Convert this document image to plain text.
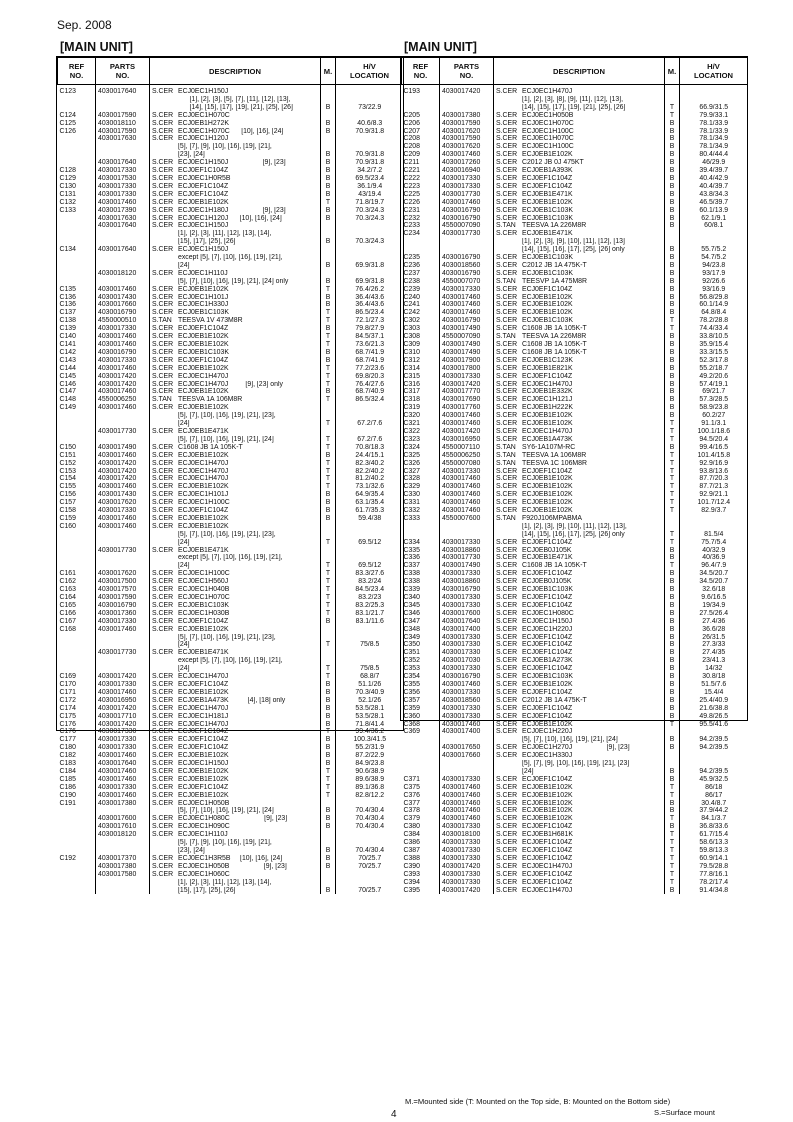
Sep. 2008
[MAIN UNIT]	[MAIN UNIT]
REF
NO.	PARTS
NO.	DESCRIPTION	M.	H/V
LOCATION
C123	4030017640	S.CER ECJ0EC1H150J		
		[1], [2], [3], [5], [7], [11], [12], [13],		
		[14], [15], [17], [19], [21], [25], [26]	B	73/22.9
C124	4030017590	S.CER ECJ0EC1H070C		
C125	4030018110	S.CER ECJ0EB1H272K	B	40.6/8.3
C126	4030017590	S.CER ECJ0EC1H070C      [10], [16], [24]	B	70.9/31.8
	4030017630	S.CER ECJ0EC1H120J		
		[5], [7], [9], [10], [16], [19], [21],		
		[23], [24]	B	70.9/31.8
	4030017640	S.CER ECJ0EC1H150J                  [9], [23]	B	70.9/31.8
C128	4030017330	S.CER ECJ0EF1C104Z	B	34.2/7.2
C129	4030017530	S.CER ECJ0EC1H0R5B	B	69.5/23.4
C130	4030017330	S.CER ECJ0EF1C104Z	B	36.1/9.4
C131	4030017330	S.CER ECJ0EF1C104Z	B	43/19.4
C132	4030017460	S.CER ECJ0EB1E102K	T	71.8/19.7
C133	4030017390	S.CER ECJ0EC1H180J                  [9], [23]	B	70.3/24.3
	4030017630	S.CER ECJ0EC1H120J      [10], [16], [24]	B	70.3/24.3
	4030017640	S.CER ECJ0EC1H150J		
		[1], [2], [3], [11], [12], [13], [14],		
		[15], [17], [25], [26]	B	70.3/24.3
C134	4030017640	S.CER ECJ0EC1H150J		
		except [5], [7], [10], [16], [19], [21],		
		[24]	B	69.9/31.8
	4030018120	S.CER ECJ0EC1H110J		
		[5], [7], [10], [16], [19], [21], [24] only	B	69.9/31.8
C135	4030017460	S.CER ECJ0EB1E102K	T	76.4/26.2
C136	4030017430	S.CER ECJ0EC1H101J	B	36.4/43.6
C136	4030017660	S.CER ECJ0EC1H330J	B	36.4/43.6
C137	4030016790	S.CER ECJ0EB1C103K	T	86.5/23.4
C138	4550000510	S.TAN TEESVA 1V 473M8R	T	72.1/27.3
C139	4030017330	S.CER ECJ0EF1C104Z	B	79.8/27.9
C140	4030017460	S.CER ECJ0EB1E102K	T	84.5/37.1
C141	4030017460	S.CER ECJ0EB1E102K	T	73.6/21.3
C142	4030016790	S.CER ECJ0EB1C103K	B	68.7/41.9
C143	4030017330	S.CER ECJ0EF1C104Z	B	68.7/41.9
C144	4030017460	S.CER ECJ0EB1E102K	T	77.2/23.6
C145	4030017420	S.CER ECJ0EC1H470J	T	69.8/20.3
C146	4030017420	S.CER ECJ0EC1H470J         [9], [23] only	T	76.4/27.6
C147	4030017460	S.CER ECJ0EB1E102K	B	68.7/40.9
C148	4550006250	S.TAN TEESVA 1A 106M8R	T	86.5/32.4
C149	4030017460	S.CER ECJ0EB1E102K		
		[5], [7], [10], [16], [19], [21], [23],		
		[24]	T	67.2/7.6
	4030017730	S.CER ECJ0EB1E471K		
		[5], [7], [10], [16], [19], [21], [24]	T	67.2/7.6
C150	4030017490	S.CER C1608 JB 1A 105K-T	T	70.8/18.3
C151	4030017460	S.CER ECJ0EB1E102K	B	24.4/15.1
C152	4030017420	S.CER ECJ0EC1H470J	T	82.3/40.2
C153	4030017420	S.CER ECJ0EC1H470J	T	82.2/40.2
C154	4030017420	S.CER ECJ0EC1H470J	T	81.2/40.2
C155	4030017460	S.CER ECJ0EB1E102K	T	73.1/32.6
C156	4030017430	S.CER ECJ0EC1H101J	B	64.9/35.4
C157	4030017620	S.CER ECJ0EC1H100C	B	63.1/35.4
C158	4030017330	S.CER ECJ0EF1C104Z	B	61.7/35.3
C159	4030017460	S.CER ECJ0EB1E102K	B	59.4/38
C160	4030017460	S.CER ECJ0EB1E102K		
		[5], [7], [10], [16], [19], [21], [23],		
		[24]	T	69.5/12
	4030017730	S.CER ECJ0EB1E471K		
		except [5], [7], [10], [16], [19], [21],		
		[24]	T	69.5/12
C161	4030017620	S.CER ECJ0EC1H100C	T	83.3/27.6
C162	4030017500	S.CER ECJ0EC1H560J	T	83.2/24
C163	4030017570	S.CER ECJ0EC1H040B	T	84.5/23.4
C164	4030017590	S.CER ECJ0EC1H070C	T	83.2/23
C165	4030016790	S.CER ECJ0EB1C103K	T	83.2/25.3
C166	4030017360	S.CER ECJ0EC1H030B	T	83.1/21.7
C167	4030017330	S.CER ECJ0EF1C104Z	B	83.1/11.6
C168	4030017460	S.CER ECJ0EB1E102K		
		[5], [7], [10], [16], [19], [21], [23],		
		[24]	T	75/8.5
	4030017730	S.CER ECJ0EB1E471K		
		except [5], [7], [10], [16], [19], [21],		
		[24]	T	75/8.5
C169	4030017420	S.CER ECJ0EC1H470J	T	68.8/7
C170	4030017330	S.CER ECJ0EF1C104Z	B	51.1/26
C171	4030017460	S.CER ECJ0EB1E102K	B	70.3/40.9
C172	4030016950	S.CER ECJ0EB1A473K          [4], [18] only	B	52.1/26
C174	4030017420	S.CER ECJ0EC1H470J	B	53.5/28.1
C175	4030017710	S.CER ECJ0EC1H181J	B	53.5/28.1
C176	4030017420	S.CER ECJ0EC1H470J	B	71.8/41.4
C176	4030017330	S.CER ECJ0EF1C104Z	T	99.4/36.2
C177	4030017330	S.CER ECJ0EF1C104Z	B	100.3/41.5
C180	4030017330	S.CER ECJ0EF1C104Z	B	55.2/31.9
C182	4030017460	S.CER ECJ0EB1E102K	B	87.2/22.9
C183	4030017640	S.CER ECJ0EC1H150J	B	84.9/23.8
C184	4030017460	S.CER ECJ0EB1E102K	T	90.6/38.9
C185	4030017460	S.CER ECJ0EB1E102K	T	89.6/38.9
C186	4030017330	S.CER ECJ0EF1C104Z	T	89.1/36.8
C190	4030017460	S.CER ECJ0EB1E102K	T	82.8/12.2
C191	4030017380	S.CER ECJ0EC1H050B		
		[5], [7], [10], [16], [19], [21], [24]	B	70.4/30.4
	4030017600	S.CER ECJ0EC1H080C                  [9], [23]	B	70.4/30.4
	4030017610	S.CER ECJ0EC1H090C	B	70.4/30.4
	4030018120	S.CER ECJ0EC1H110J		
		[5], [7], [9], [10], [16], [19], [21],		
		[23], [24]	B	70.4/30.4
C192	4030017370	S.CER ECJ0EC1H3R5B     [10], [16], [24]	B	70/25.7
	4030017380	S.CER ECJ0EC1H050B                  [9], [23]	B	70/25.7
	4030017580	S.CER ECJ0EC1H060C		
		[1], [2], [3], [11], [12], [13], [14],		
		[15], [17], [25], [26]	B	70/25.7

REF
NO.	PARTS
NO.	DESCRIPTION	M.	H/V
LOCATION
C193	4030017420	S.CER ECJ0EC1H470J		
		[1], [2], [3], [8], [9], [11], [12], [13],		
		[14], [15], [17], [19], [21], [25], [26]	T	66.9/31.5
C205	4030017380	S.CER ECJ0EC1H050B	T	79.9/33.1
C206	4030017590	S.CER ECJ0EC1H070C	B	78.1/33.9
C207	4030017620	S.CER ECJ0EC1H100C	B	78.1/33.9
C208	4030017590	S.CER ECJ0EC1H070C	B	78.1/34.9
C208	4030017620	S.CER ECJ0EC1H100C	B	78.1/34.9
C209	4030017460	S.CER ECJ0EB1E102K	B	80.4/44.4
C211	4030017260	S.CER C2012 JB 0J 475KT	B	46/29.9
C221	4030016940	S.CER ECJ0EB1A393K	B	39.4/39.7
C222	4030017330	S.CER ECJ0EF1C104Z	B	40.4/42.9
C223	4030017330	S.CER ECJ0EF1C104Z	B	40.4/39.7
C225	4030017730	S.CER ECJ0EB1E471K	B	43.8/34.3
C226	4030017460	S.CER ECJ0EB1E102K	B	46.5/39.7
C231	4030016790	S.CER ECJ0EB1C103K	B	60.1/13.9
C232	4030016790	S.CER ECJ0EB1C103K	B	62.1/9.1
C233	4550007090	S.TAN TEESVA 1A 226M8R	B	60/8.1
C234	4030017730	S.CER ECJ0EB1E471K		
		[1], [2], [3], [9], [10], [11], [12], [13]		
		[14], [15], [16], [17], [25], [26] only	B	55.7/5.2
C235	4030016790	S.CER ECJ0EB1C103K	B	54.7/5.2
C236	4030018560	S.CER C2012 JB 1A 475K-T	B	94/23.8
C237	4030016790	S.CER ECJ0EB1C103K	B	93/17.9
C238	4550007070	S.TAN TEESVP 1A 475M8R	B	92/26.6
C239	4030017330	S.CER ECJ0EF1C104Z	B	93/16.9
C240	4030017460	S.CER ECJ0EB1E102K	B	56.8/29.8
C241	4030017460	S.CER ECJ0EB1E102K	B	60.1/14.9
C242	4030017460	S.CER ECJ0EB1E102K	B	64.8/8.4
C302	4030016790	S.CER ECJ0EB1C103K	T	78.2/28.8
C303	4030017490	S.CER C1608 JB 1A 105K-T	T	74.4/33.4
C308	4550007090	S.TAN TEESVA 1A 226M8R	B	33.8/10.5
C309	4030017490	S.CER C1608 JB 1A 105K-T	B	35.9/15.4
C310	4030017490	S.CER C1608 JB 1A 105K-T	B	33.3/15.5
C312	4030017900	S.CER ECJ0EB1C123K	B	52.3/17.8
C314	4030017800	S.CER ECJ0EB1E821K	B	55.2/18.7
C315	4030017330	S.CER ECJ0EF1C104Z	B	49.2/20.6
C316	4030017420	S.CER ECJ0EC1H470J	B	57.4/19.1
C317	4030017770	S.CER ECJ0EB1E332K	B	69/21.7
C318	4030017690	S.CER ECJ0EC1H121J	B	57.3/28.5
C319	4030017760	S.CER ECJ0EB1H222K	B	58.9/23.8
C320	4030017460	S.CER ECJ0EB1E102K	B	60.2/27
C321	4030017460	S.CER ECJ0EB1E102K	T	91.1/3.1
C322	4030017420	S.CER ECJ0EC1H470J	T	100.1/18.6
C323	4030016950	S.CER ECJ0EB1A473K	T	94.5/20.4
C324	4550007110	S.TAN SY6-1A107M-RC	B	99.4/16.5
C325	4550006250	S.TAN TEESVA 1A 106M8R	T	101.4/15.8
C326	4550007080	S.TAN TEESVA 1C 106M8R	T	92.9/16.9
C327	4030017330	S.CER ECJ0EF1C104Z	T	93.8/13.6
C328	4030017460	S.CER ECJ0EB1E102K	T	87.7/20.3
C329	4030017460	S.CER ECJ0EB1E102K	T	87.7/21.3
C330	4030017460	S.CER ECJ0EB1E102K	T	92.9/21.1
C331	4030017460	S.CER ECJ0EB1E102K	T	101.7/12.4
C332	4030017460	S.CER ECJ0EB1E102K	T	82.9/3.7
C333	4550007600	S.TAN F920J106MPABMA		
		[1], [2], [3], [9], [10], [11], [12], [13],		
		[14], [15], [16], [17], [25], [26] only	T	81.5/4
C334	4030017330	S.CER ECJ0EF1C104Z	T	75.7/5.4
C335	4030018860	S.CER ECJ0EB0J105K	B	40/32.9
C336	4030017730	S.CER ECJ0EB1E471K	B	40/36.9
C337	4030017490	S.CER C1608 JB 1A 105K-T	T	96.4/7.9
C338	4030017330	S.CER ECJ0EF1C104Z	B	34.5/20.7
C338	4030018860	S.CER ECJ0EB0J105K	B	34.5/20.7
C339	4030016790	S.CER ECJ0EB1C103K	B	32.6/18
C340	4030017330	S.CER ECJ0EF1C104Z	B	9.6/16.5
C345	4030017330	S.CER ECJ0EF1C104Z	B	19/34.9
C346	4030017600	S.CER ECJ0EC1H080C	B	27.5/26.4
C347	4030017640	S.CER ECJ0EC1H150J	B	27.4/36
C348	4030017400	S.CER ECJ0EC1H220J	B	36.6/28
C349	4030017330	S.CER ECJ0EF1C104Z	B	26/31.5
C350	4030017330	S.CER ECJ0EF1C104Z	B	27.3/33
C351	4030017330	S.CER ECJ0EF1C104Z	B	27.4/35
C352	4030017030	S.CER ECJ0EB1A273K	B	23/41.3
C353	4030017330	S.CER ECJ0EF1C104Z	B	14/32
C354	4030016790	S.CER ECJ0EB1C103K	B	30.8/18
C355	4030017460	S.CER ECJ0EB1E102K	B	51.5/7.6
C356	4030017330	S.CER ECJ0EF1C104Z	B	15.4/4
C357	4030018560	S.CER C2012 JB 1A 475K-T	B	25.4/40.9
C359	4030017330	S.CER ECJ0EF1C104Z	B	21.6/38.8
C360	4030017330	S.CER ECJ0EF1C104Z	B	49.8/26.5
C368	4030017460	S.CER ECJ0EB1E102K	T	95.5/41.6
C369	4030017400	S.CER ECJ0EC1H220J		
		[5], [7], [10], [16], [19], [21], [24]	B	94.2/39.5
	4030017650	S.CER ECJ0EC1H270J                  [9], [23]	B	94.2/39.5
	4030017660	S.CER ECJ0EC1H330J		
		[5], [7], [9], [10], [16], [19], [21], [23]		
		[24]	B	94.2/39.5
C371	4030017330	S.CER ECJ0EF1C104Z	B	45.9/32.5
C375	4030017460	S.CER ECJ0EB1E102K	T	86/18
C376	4030017460	S.CER ECJ0EB1E102K	T	86/17
C377	4030017460	S.CER ECJ0EB1E102K	B	30.4/8.7
C378	4030017460	S.CER ECJ0EB1E102K	B	37.9/44.2
C379	4030017460	S.CER ECJ0EB1E102K	T	84.1/3.7
C380	4030017330	S.CER ECJ0EF1C104Z	B	36.8/33.6
C384	4030018100	S.CER ECJ0EB1H681K	T	61.7/15.4
C386	4030017330	S.CER ECJ0EF1C104Z	T	58.6/13.3
C387	4030017330	S.CER ECJ0EF1C104Z	T	59.8/13.3
C388	4030017330	S.CER ECJ0EF1C104Z	T	60.9/14.1
C390	4030017420	S.CER ECJ0EC1H470J	T	79.5/28.8
C393	4030017330	S.CER ECJ0EF1C104Z	T	77.8/16.1
C394	4030017330	S.CER ECJ0EF1C104Z	T	78.2/17.4
C395	4030017420	S.CER ECJ0EC1H470J	B	91.4/34.8

M.=Mounted side (T: Mounted on the Top side, B: Mounted on the Bottom side)
4	S.=Surface mount
